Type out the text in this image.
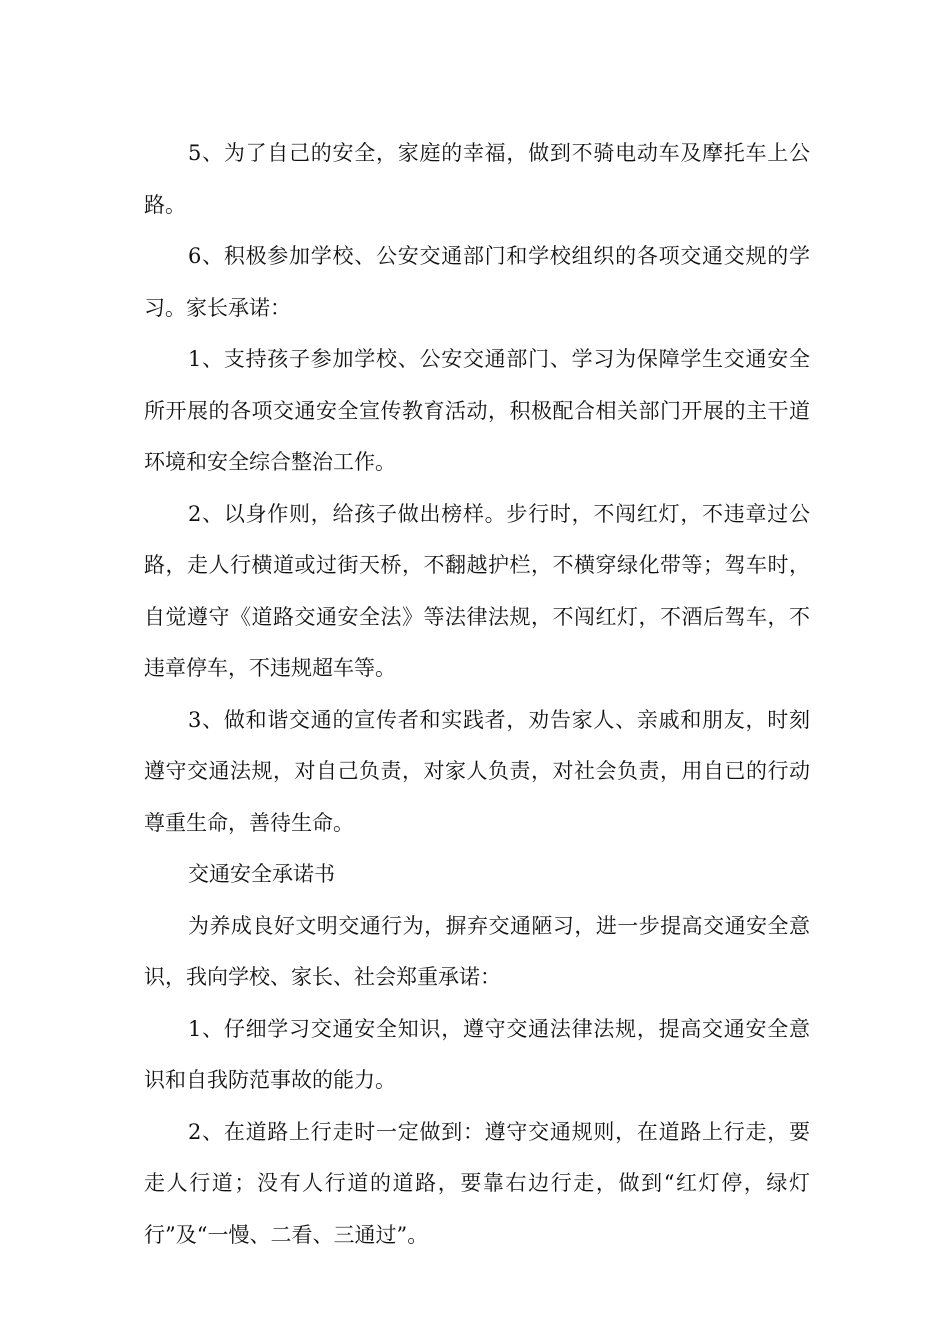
5、为了自己的安全，家庭的幸福，做到不骑电动车及摩托车上公路。

6、积极参加学校、公安交通部门和学校组织的各项交通交规的学习。家长承诺：

1、支持孩子参加学校、公安交通部门、学习为保障学生交通安全所开展的各项交通安全宣传教育活动，积极配合相关部门开展的主干道环境和安全综合整治工作。

2、以身作则，给孩子做出榜样。步行时，不闯红灯，不违章过公路，走人行横道或过街天桥，不翻越护栏，不横穿绿化带等；驾车时，自觉遵守《道路交通安全法》等法律法规，不闯红灯，不酒后驾车，不违章停车，不违规超车等。

3、做和谐交通的宣传者和实践者，劝告家人、亲戚和朋友，时刻遵守交通法规，对自己负责，对家人负责，对社会负责，用自已的行动尊重生命，善待生命。

交通安全承诺书

为养成良好文明交通行为，摒弃交通陋习，进一步提高交通安全意识，我向学校、家长、社会郑重承诺：

1、仔细学习交通安全知识，遵守交通法律法规，提高交通安全意识和自我防范事故的能力。

2、在道路上行走时一定做到：遵守交通规则，在道路上行走，要走人行道；没有人行道的道路，要靠右边行走，做到“红灯停，绿灯行”及“一慢、二看、三通过”。
